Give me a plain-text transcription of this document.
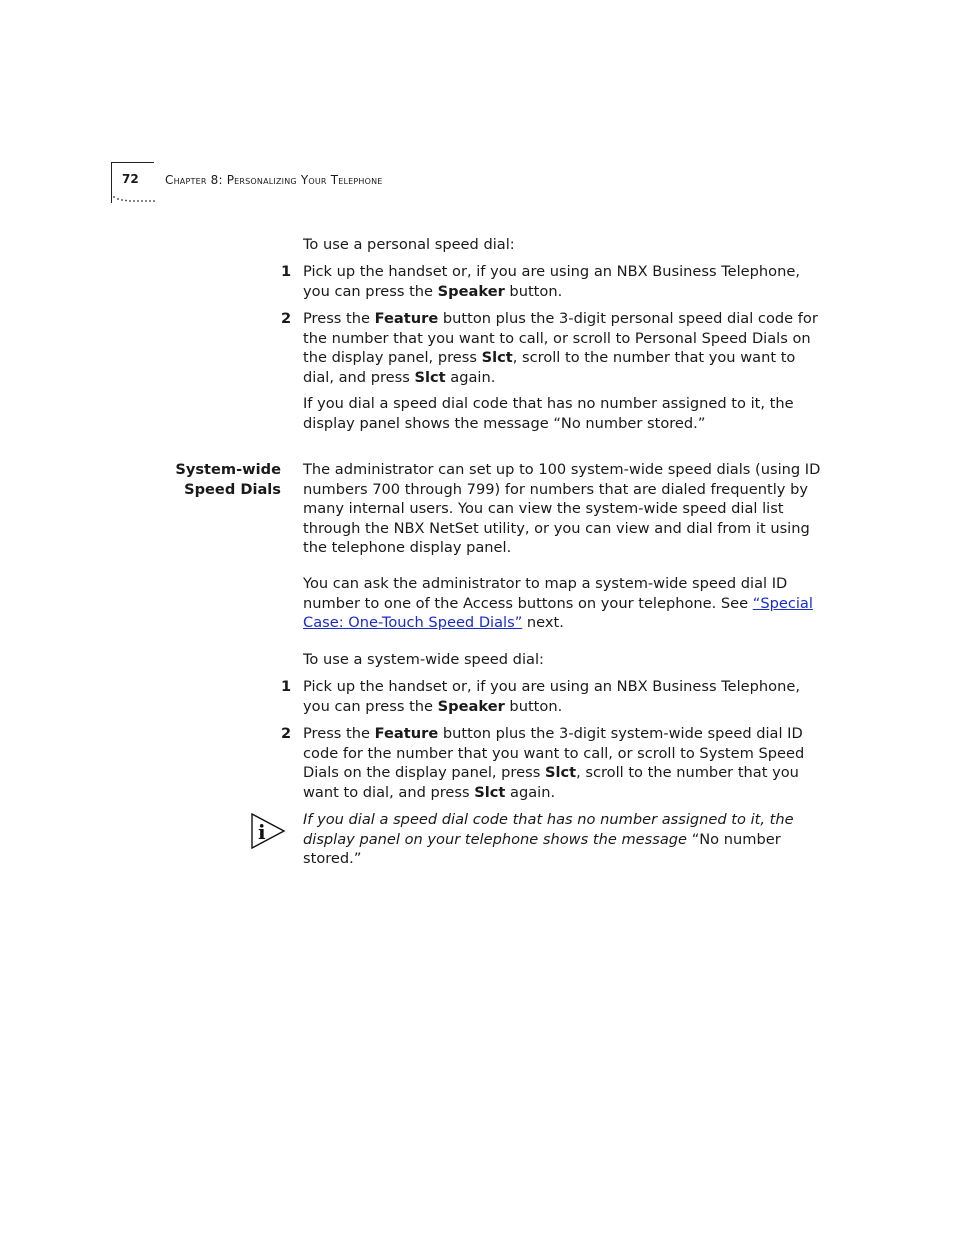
72 Chapter 8: Personalizing Your Telephone
To use a personal speed dial:
1 Pick up the handset or, if you are using an NBX Business Telephone, you can press the Speaker button.
2 Press the Feature button plus the 3-digit personal speed dial code for the number that you want to call, or scroll to Personal Speed Dials on the display panel, press Slct, scroll to the number that you want to dial, and press Slct again.
If you dial a speed dial code that has no number assigned to it, the display panel shows the message “No number stored.”
System-wide
Speed Dials
The administrator can set up to 100 system-wide speed dials (using ID numbers 700 through 799) for numbers that are dialed frequently by many internal users. You can view the system-wide speed dial list through the NBX NetSet utility, or you can view and dial from it using the telephone display panel.
You can ask the administrator to map a system-wide speed dial ID number to one of the Access buttons on your telephone. See “Special Case: One-Touch Speed Dials” next.
To use a system-wide speed dial:
1 Pick up the handset or, if you are using an NBX Business Telephone, you can press the Speaker button.
2 Press the Feature button plus the 3-digit system-wide speed dial ID code for the number that you want to call, or scroll to System Speed Dials on the display panel, press Slct, scroll to the number that you want to dial, and press Slct again.
i
If you dial a speed dial code that has no number assigned to it, the display panel on your telephone shows the message “No number stored.”
